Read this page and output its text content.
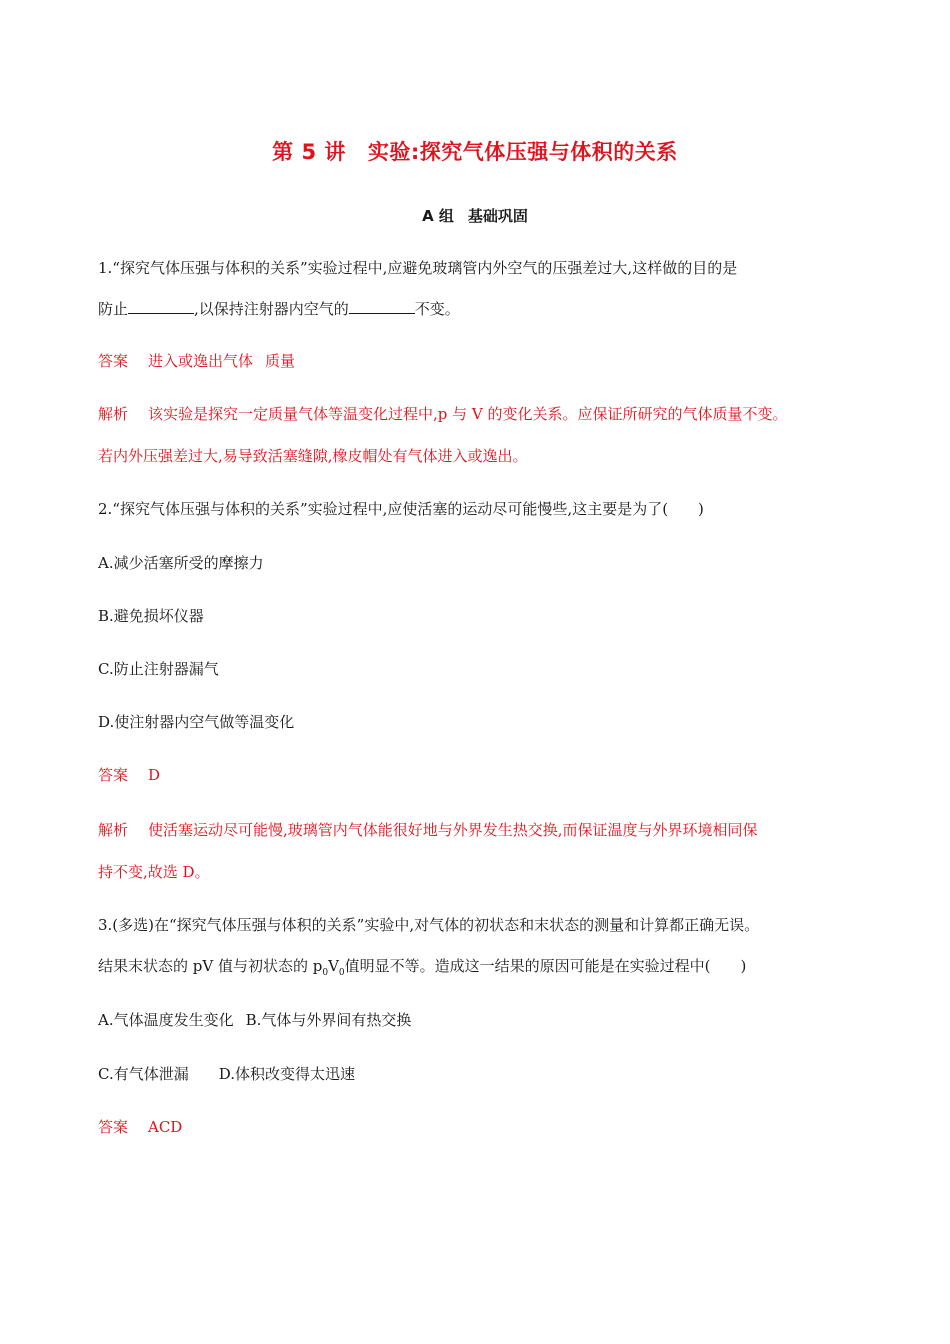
第 5 讲 实验:探究气体压强与体积的关系
A 组 基础巩固
1.“探究气体压强与体积的关系”实验过程中,应避免玻璃管内外空气的压强差过大,这样做的目的是
防止	,以保持注射器内空气的	不变。
答案 进入或逸出气体 质量
解析 该实验是探究一定质量气体等温变化过程中,p 与 V 的变化关系。应保证所研究的气体质量不变。
若内外压强差过大,易导致活塞缝隙,橡皮帽处有气体进入或逸出。
2.“探究气体压强与体积的关系”实验过程中,应使活塞的运动尽可能慢些,这主要是为了(　　)
A.减少活塞所受的摩擦力
B.避免损坏仪器
C.防止注射器漏气
D.使注射器内空气做等温变化
答案 D
解析 使活塞运动尽可能慢,玻璃管内气体能很好地与外界发生热交换,而保证温度与外界环境相同保
持不变,故选 D。
3.(多选)在“探究气体压强与体积的关系”实验中,对气体的初状态和末状态的测量和计算都正确无误。
结果末状态的 pV 值与初状态的 $p_0V_0$值明显不等。造成这一结果的原因可能是在实验过程中(　　)
A.气体温度发生变化 B.气体与外界间有热交换
C.有气体泄漏 D.体积改变得太迅速
答案 ACD
